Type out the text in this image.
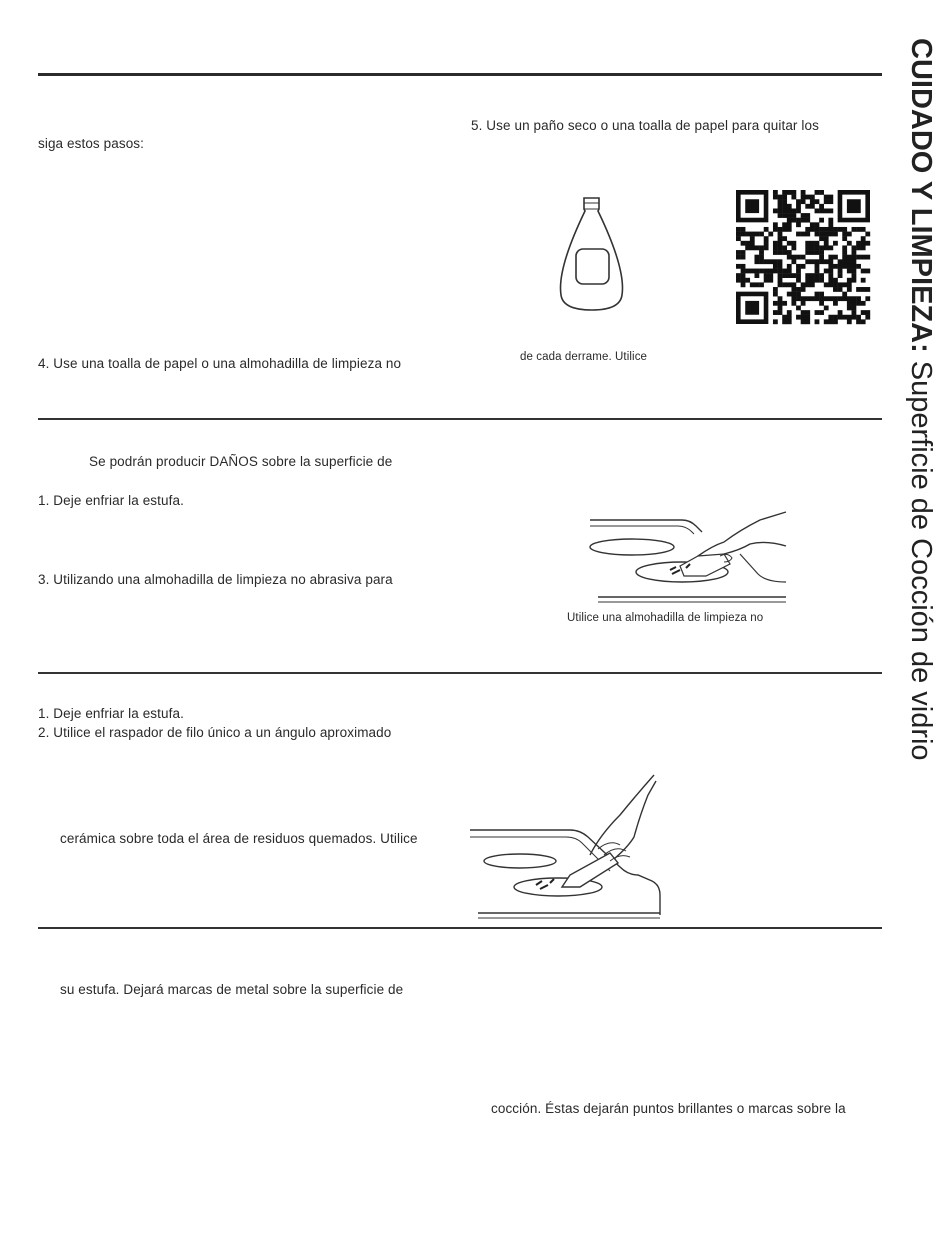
CUIDADO Y LIMPIEZA: Superficie de Cocción de vidrio
siga estos pasos:
5. Use un paño seco o una toalla de papel para quitar los
4. Use una toalla de papel o una almohadilla de limpieza no	de cada derrame. Utilice
Se podrán producir DAÑOS sobre la superficie de
1. Deje enfriar la estufa.
3. Utilizando una almohadilla de limpieza no abrasiva para
Utilice una almohadilla de limpieza no
1. Deje enfriar la estufa.
2. Utilice el raspador de filo único a un ángulo aproximado
cerámica sobre toda el área de residuos quemados. Utilice
su estufa. Dejará marcas de metal sobre la superficie de
cocción. Éstas dejarán puntos brillantes o marcas sobre la
